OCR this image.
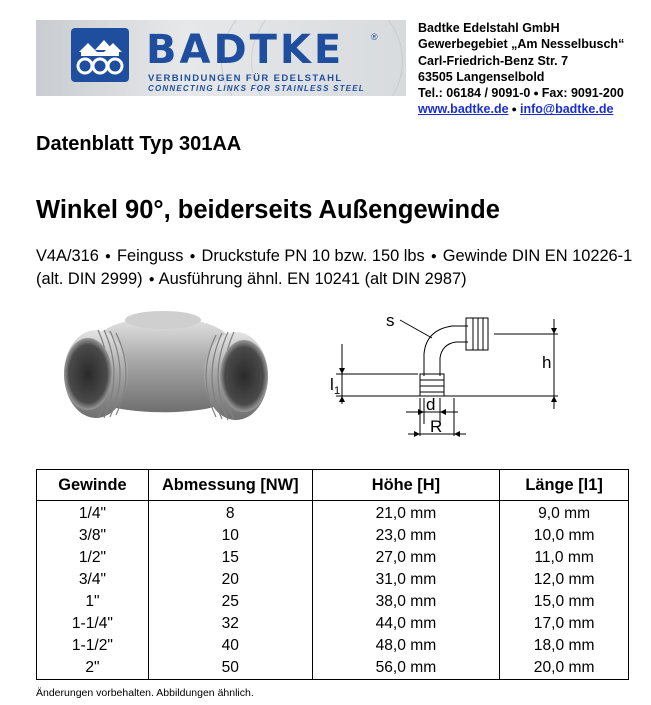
BADTKE	®
VERBINDUNGEN FÜR EDELSTAHL
CONNECTING LINKS FOR STAINLESS STEEL
Badtke Edelstahl GmbH
Gewerbegebiet „Am Nesselbusch“
Carl-Friedrich-Benz Str. 7
63505 Langenselbold
Tel.: 06184 / 9091-0 ● Fax: 9091-200
www.badtke.de ● info@badtke.de
Datenblatt Typ 301AA
Winkel 90°, beiderseits Außengewinde
V4A/316 ● Feinguss ● Druckstufe PN 10 bzw. 150 lbs ● Gewinde DIN EN 10226-1 (alt. DIN 2999) ● Ausführung ähnl. EN 10241 (alt DIN 2987)
s
h
l 1
d
R
Gewinde	Abmessung [NW]	Höhe [H]	Länge [l1]
1/4"	8	21,0 mm	9,0 mm
3/8"	10	23,0 mm	10,0 mm
1/2"	15	27,0 mm	11,0 mm
3/4"	20	31,0 mm	12,0 mm
1"	25	38,0 mm	15,0 mm
1-1/4"	32	44,0 mm	17,0 mm
1-1/2"	40	48,0 mm	18,0 mm
2"	50	56,0 mm	20,0 mm
Änderungen vorbehalten. Abbildungen ähnlich.
